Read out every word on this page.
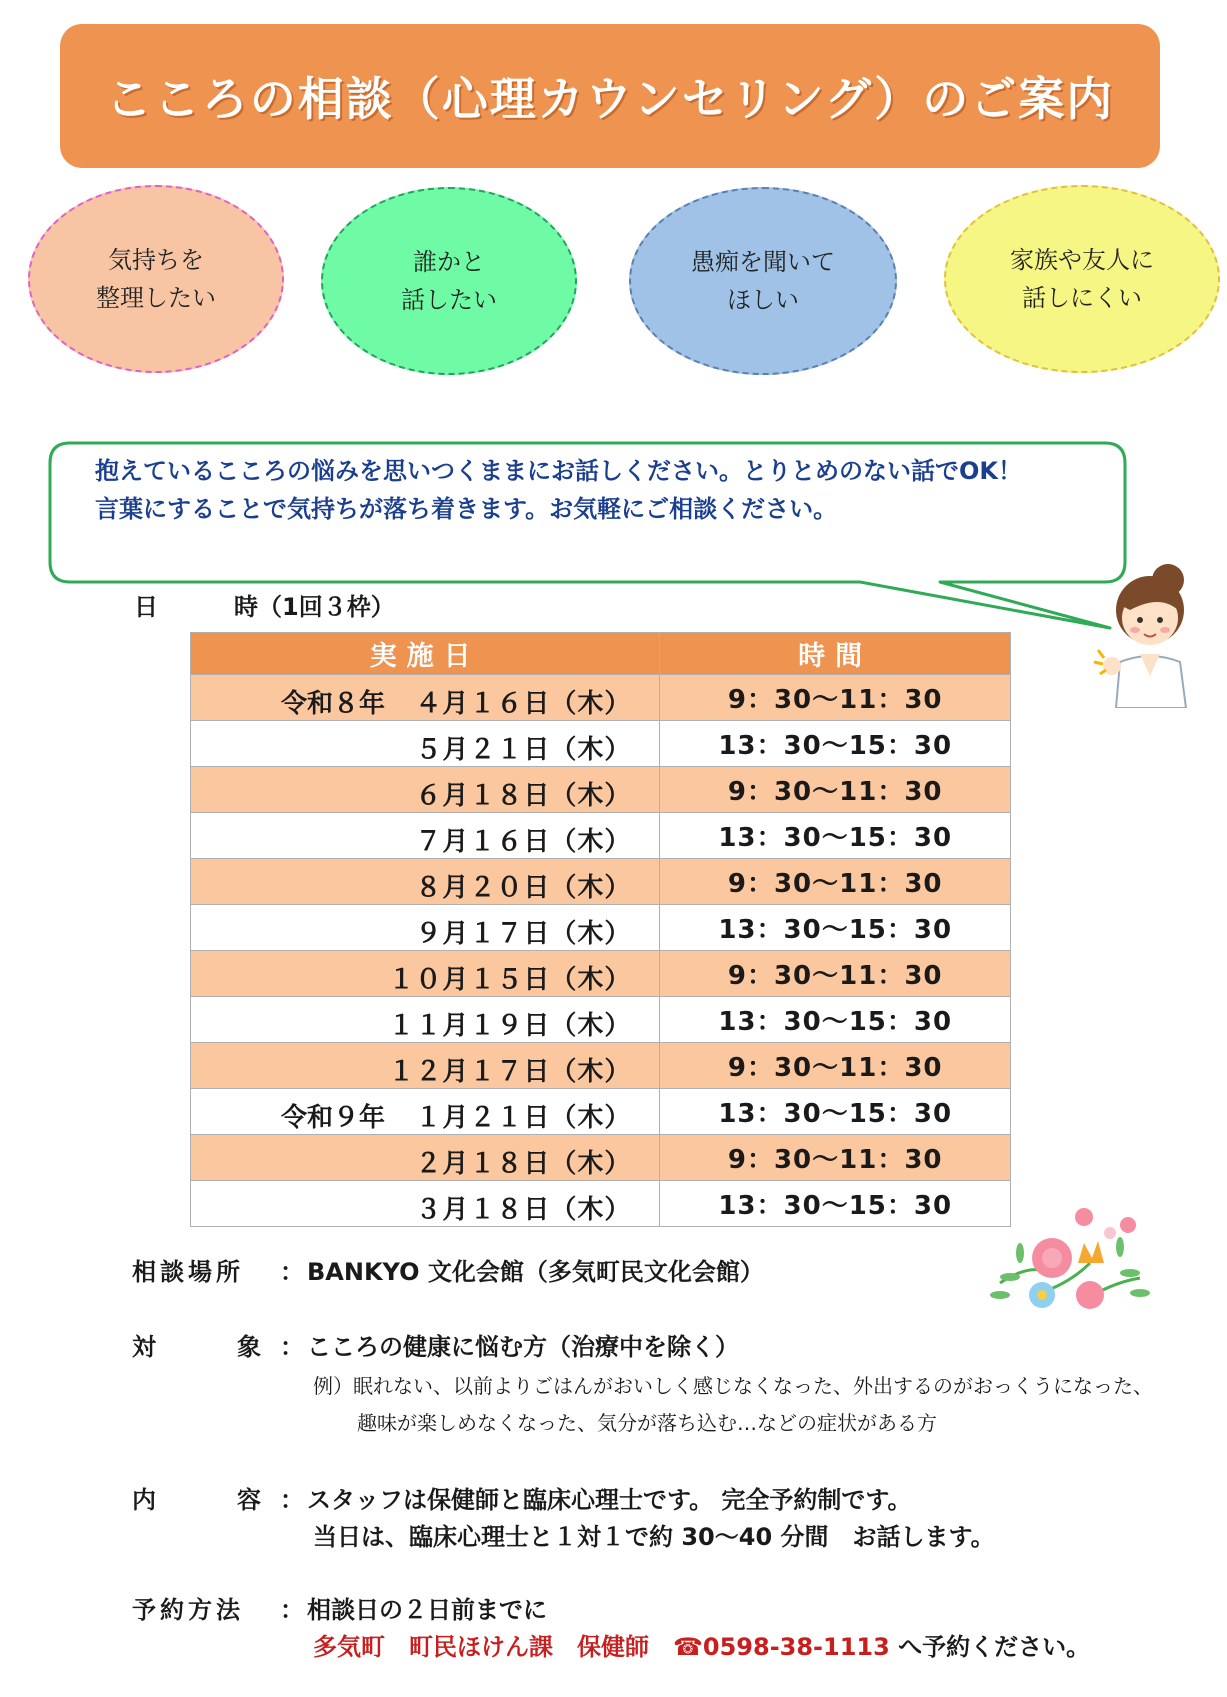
こころの相談（心理カウンセリング）のご案内
気持ちを
整理したい
誰かと
話したい
愚痴を聞いて
ほしい
家族や友人に
話しにくい
抱えているこころの悩みを思いつくままにお話しください。とりとめのない話でOK！
言葉にすることで気持ちが落ち着きます。お気軽にご相談ください。
日	時（1回３枠）
実施日	時間

令和８年 ４月１６日（木）	9：30〜11：30

５月２１日（木）	13：30〜15：30

６月１８日（木）	9：30〜11：30

７月１６日（木）	13：30〜15：30

８月２０日（木）	9：30〜11：30

９月１７日（木）	13：30〜15：30

１０月１５日（木）	9：30〜11：30

１１月１９日（木）	13：30〜15：30

１２月１７日（木）	9：30〜11：30

令和９年 １月２１日（木）	13：30〜15：30

２月１８日（木）	9：30〜11：30

３月１８日（木）	13：30〜15：30
相談場所 ： BANKYO 文化会館（多気町民文化会館）
対	象 ： こころの健康に悩む方（治療中を除く）
例）眠れない、以前よりごはんがおいしく感じなくなった、外出するのがおっくうになった、
趣味が楽しめなくなった、気分が落ち込む…などの症状がある方
内	容 ： スタッフは保健師と臨床心理士です。 完全予約制です。
当日は、臨床心理士と１対１で約 30〜40 分間　お話します。
予約方法 ： 相談日の２日前までに
多気町　町民ほけん課　保健師　☎0598-38-1113 へ予約ください。
